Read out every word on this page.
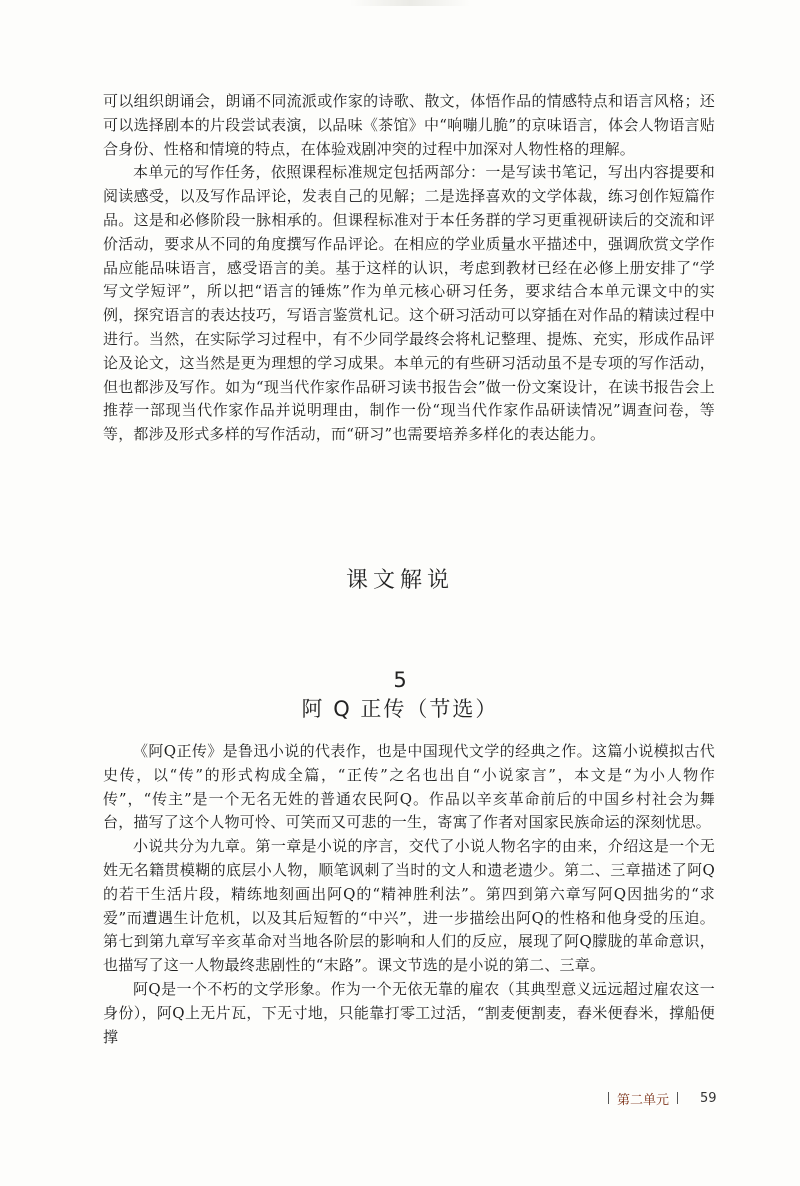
可以组织朗诵会，朗诵不同流派或作家的诗歌、散文，体悟作品的情感特点和语言风格；还可以选择剧本的片段尝试表演，以品味《茶馆》中“响嘣儿脆”的京味语言，体会人物语言贴合身份、性格和情境的特点，在体验戏剧冲突的过程中加深对人物性格的理解。

本单元的写作任务，依照课程标准规定包括两部分：一是写读书笔记，写出内容提要和阅读感受，以及写作品评论，发表自己的见解；二是选择喜欢的文学体裁，练习创作短篇作品。这是和必修阶段一脉相承的。但课程标准对于本任务群的学习更重视研读后的交流和评价活动，要求从不同的角度撰写作品评论。在相应的学业质量水平描述中，强调欣赏文学作品应能品味语言，感受语言的美。基于这样的认识，考虑到教材已经在必修上册安排了“学写文学短评”，所以把“语言的锤炼”作为单元核心研习任务，要求结合本单元课文中的实例，探究语言的表达技巧，写语言鉴赏札记。这个研习活动可以穿插在对作品的精读过程中进行。当然，在实际学习过程中，有不少同学最终会将札记整理、提炼、充实，形成作品评论及论文，这当然是更为理想的学习成果。本单元的有些研习活动虽不是专项的写作活动，但也都涉及写作。如为“现当代作家作品研习读书报告会”做一份文案设计，在读书报告会上推荐一部现当代作家作品并说明理由，制作一份“现当代作家作品研读情况”调查问卷，等等，都涉及形式多样的写作活动，而“研习”也需要培养多样化的表达能力。

课文解说
5
阿 Q 正传（节选）

《阿Q正传》是鲁迅小说的代表作，也是中国现代文学的经典之作。这篇小说模拟古代史传，以“传”的形式构成全篇，“正传”之名也出自“小说家言”，本文是“为小人物作传”，“传主”是一个无名无姓的普通农民阿Q。作品以辛亥革命前后的中国乡村社会为舞台，描写了这个人物可怜、可笑而又可悲的一生，寄寓了作者对国家民族命运的深刻忧思。

小说共分为九章。第一章是小说的序言，交代了小说人物名字的由来，介绍这是一个无姓无名籍贯模糊的底层小人物，顺笔讽刺了当时的文人和遗老遗少。第二、三章描述了阿Q的若干生活片段，精练地刻画出阿Q的“精神胜利法”。第四到第六章写阿Q因拙劣的“求爱”而遭遇生计危机，以及其后短暂的“中兴”，进一步描绘出阿Q的性格和他身受的压迫。第七到第九章写辛亥革命对当地各阶层的影响和人们的反应，展现了阿Q朦胧的革命意识，也描写了这一人物最终悲剧性的“末路”。课文节选的是小说的第二、三章。

阿Q是一个不朽的文学形象。作为一个无依无靠的雇农（其典型意义远远超过雇农这一身份），阿Q上无片瓦，下无寸地，只能靠打零工过活，“割麦便割麦，舂米便舂米，撑船便撑

第二单元 59
